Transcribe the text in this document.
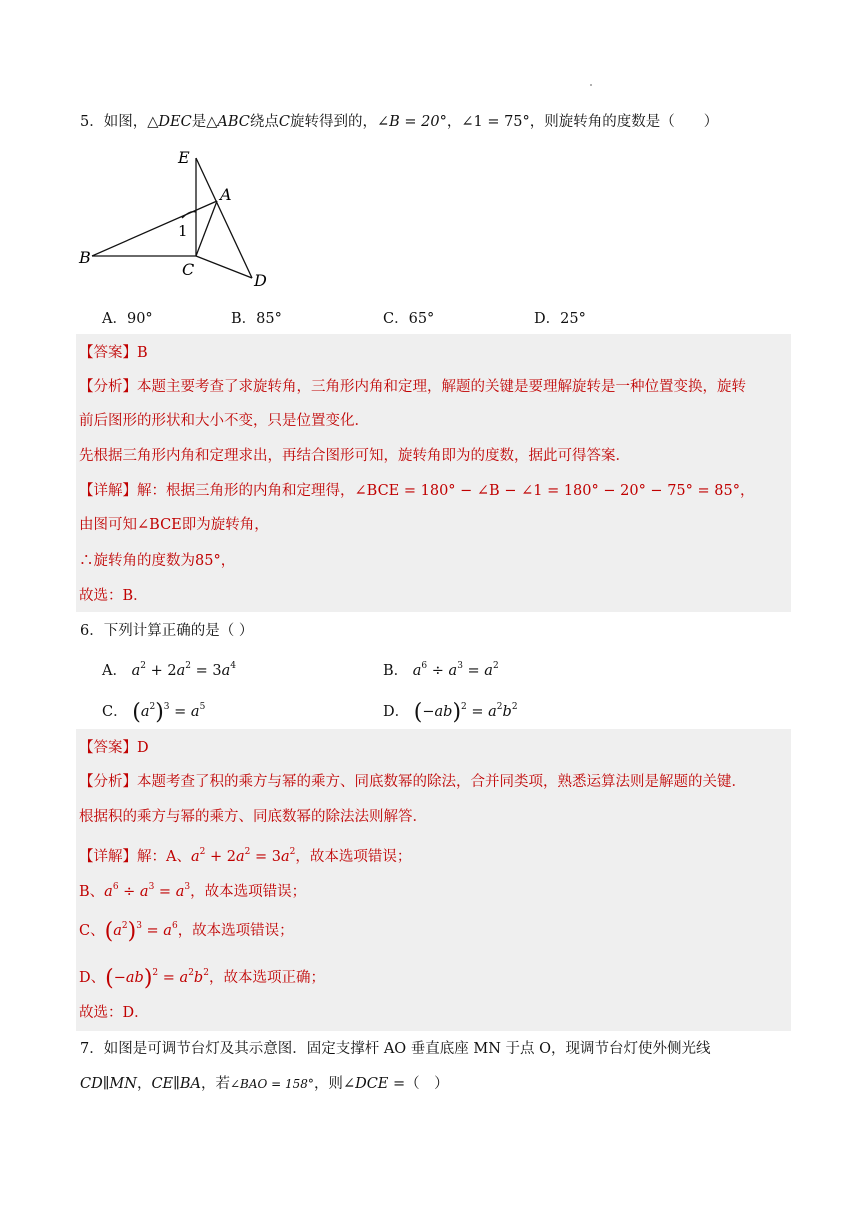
5．如图，△DEC是△ABC绕点C旋转得到的，∠B = 20°，∠1 = 75°，则旋转角的度数是（　　）
E
A
B
C
D
1
A．90°	B．85°	C．65°	D．25°
【答案】B
【分析】本题主要考查了求旋转角，三角形内角和定理，解题的关键是要理解旋转是一种位置变换，旋转
前后图形的形状和大小不变，只是位置变化．
先根据三角形内角和定理求出，再结合图形可知，旋转角即为的度数，据此可得答案．
【详解】解：根据三角形的内角和定理得，∠BCE = 180° − ∠B − ∠1 = 180° − 20° − 75° = 85°，
由图可知∠BCE即为旋转角，
∴旋转角的度数为85°，
故选：B．
6．下列计算正确的是（ ）
A． $a^2 + 2a^2 = 3a^4$	B． $a^6 \div a^3 = a^2$
C． $(a^2)^3 = a^5$	D． $(-ab)^2 = a^2b^2$
【答案】D
【分析】本题考查了积的乘方与幂的乘方、同底数幂的除法，合并同类项，熟悉运算法则是解题的关键．
根据积的乘方与幂的乘方、同底数幂的除法法则解答．
【详解】解：A、$a^2 + 2a^2 = 3a^2$，故本选项错误；
B、$a^6 \div a^3 = a^3$，故本选项错误；
C、$(a^2)^3 = a^6$，故本选项错误；
D、$(-ab)^2 = a^2b^2$，故本选项正确；
故选：D．
7．如图是可调节台灯及其示意图．固定支撑杆 AO 垂直底座 MN 于点 O，现调节台灯使外侧光线
CD∥MN，CE∥BA，若∠BAO = 158°，则∠DCE =（　）
